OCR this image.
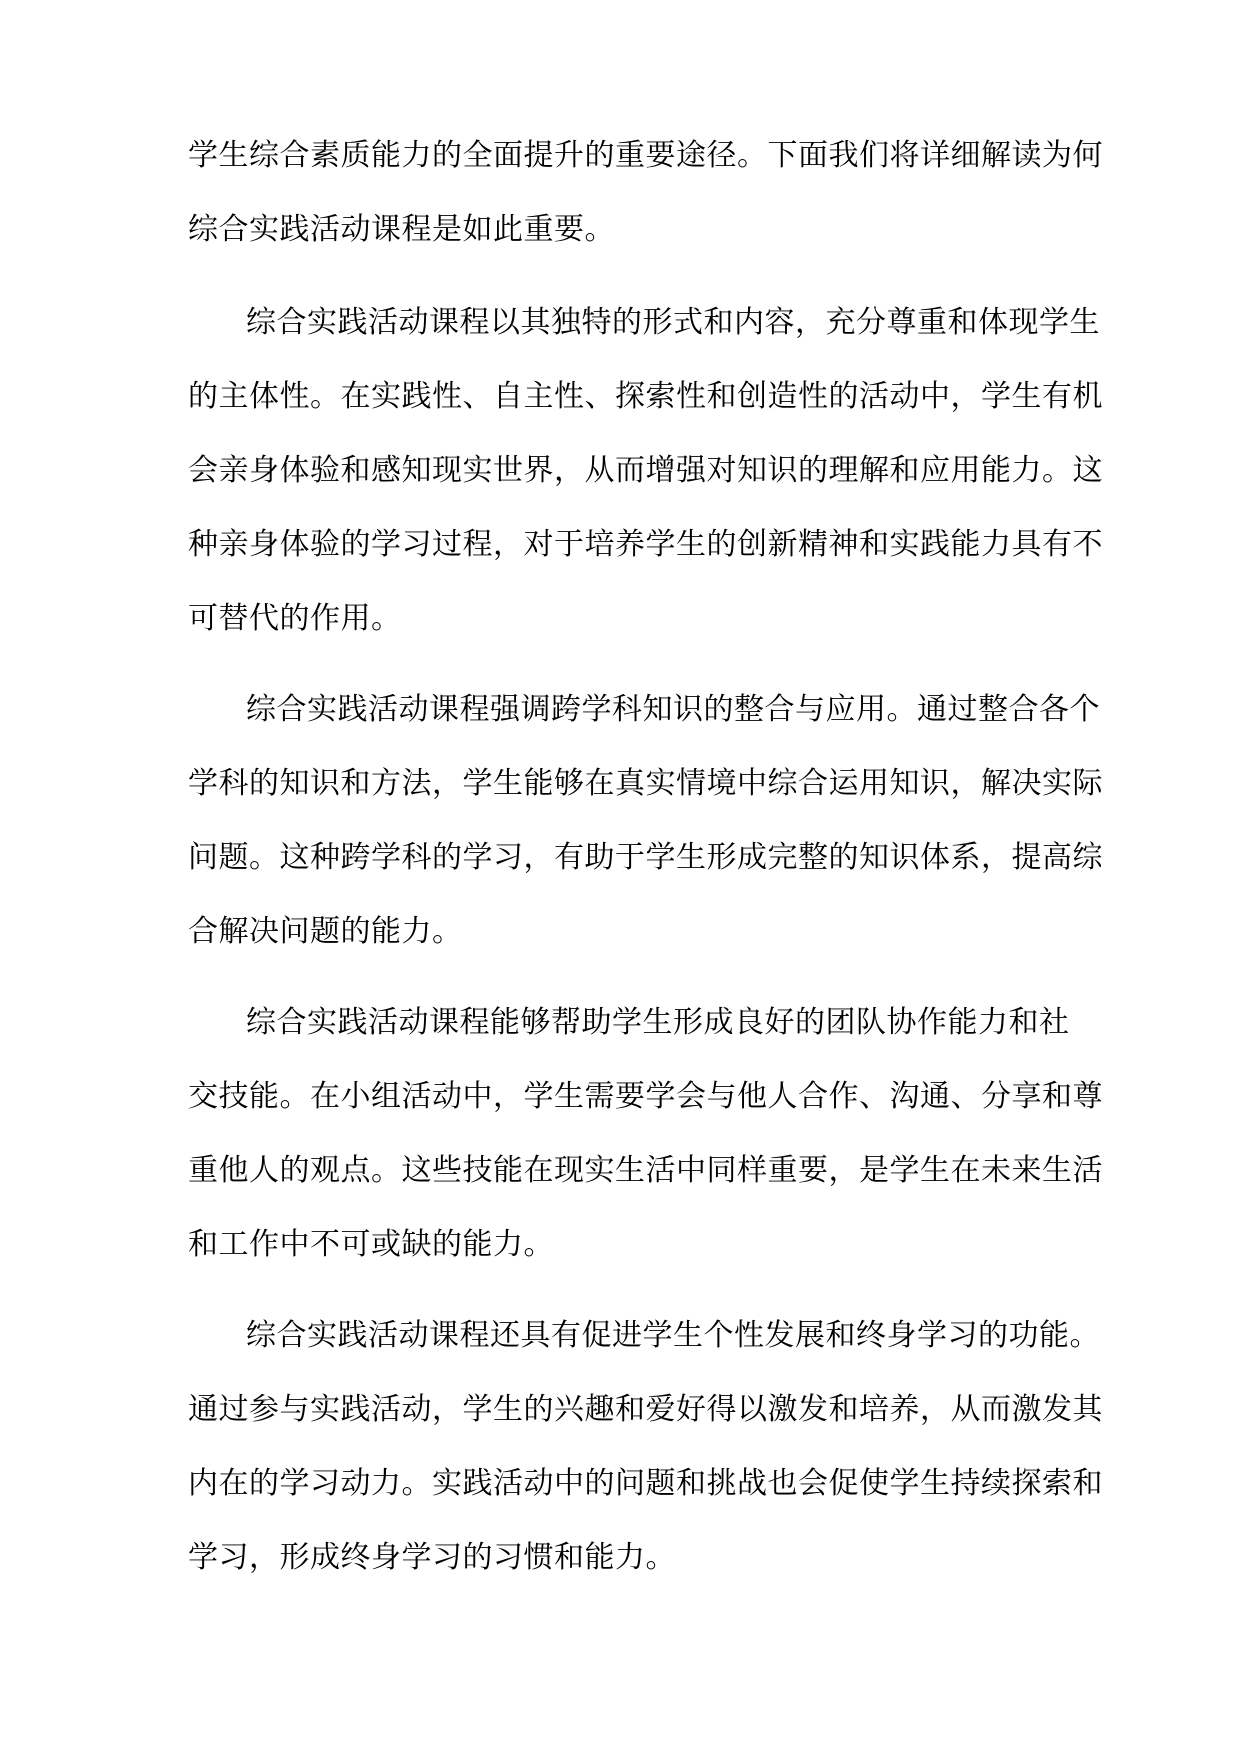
学生综合素质能力的全面提升的重要途径。下面我们将详细解读为何
综合实践活动课程是如此重要。
综合实践活动课程以其独特的形式和内容，充分尊重和体现学生
的主体性。在实践性、自主性、探索性和创造性的活动中，学生有机
会亲身体验和感知现实世界，从而增强对知识的理解和应用能力。这
种亲身体验的学习过程，对于培养学生的创新精神和实践能力具有不
可替代的作用。
综合实践活动课程强调跨学科知识的整合与应用。通过整合各个
学科的知识和方法，学生能够在真实情境中综合运用知识，解决实际
问题。这种跨学科的学习，有助于学生形成完整的知识体系，提高综
合解决问题的能力。
综合实践活动课程能够帮助学生形成良好的团队协作能力和社
交技能。在小组活动中，学生需要学会与他人合作、沟通、分享和尊
重他人的观点。这些技能在现实生活中同样重要，是学生在未来生活
和工作中不可或缺的能力。
综合实践活动课程还具有促进学生个性发展和终身学习的功能。
通过参与实践活动，学生的兴趣和爱好得以激发和培养，从而激发其
内在的学习动力。实践活动中的问题和挑战也会促使学生持续探索和
学习，形成终身学习的习惯和能力。
